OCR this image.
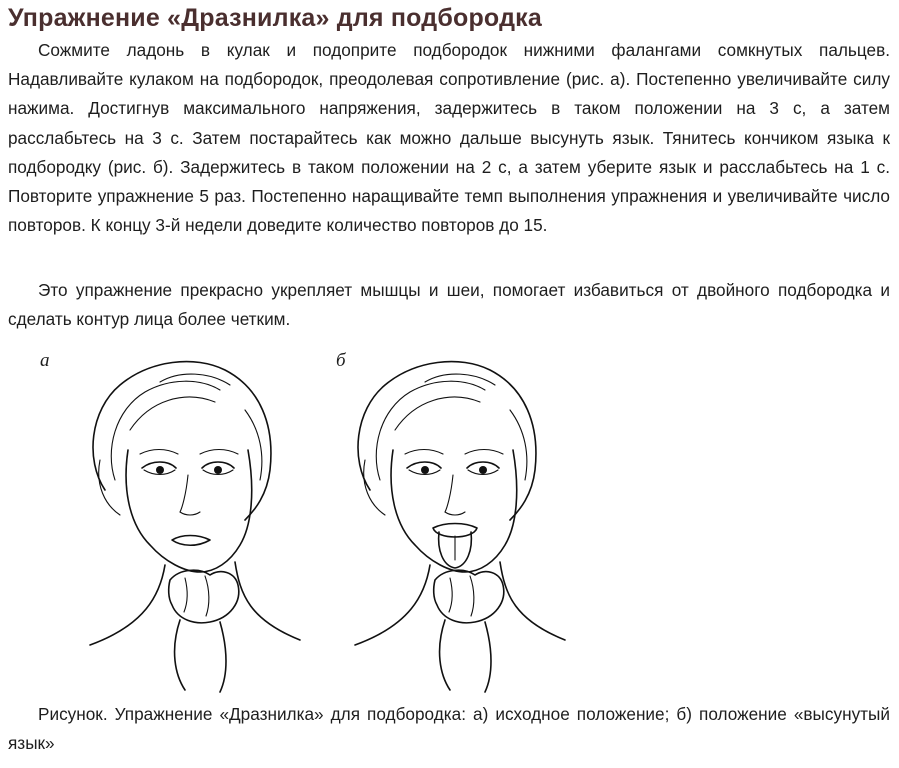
Упражнение «Дразнилка» для подбородка

Сожмите ладонь в кулак и подоприте подбородок нижними фалангами сомкнутых пальцев. Надавливайте кулаком на подбородок, преодолевая сопротивление (рис. а). Постепенно увеличивайте силу нажима. Достигнув максимального напряжения, задержитесь в таком положении на 3 с, а затем расслабьтесь на 3 с. Затем постарайтесь как можно дальше высунуть язык. Тянитесь кончиком языка к подбородку (рис. б). Задержитесь в таком положении на 2 с, а затем уберите язык и расслабьтесь на 1 с. Повторите упражнение 5 раз. Постепенно наращивайте темп выполнения упражнения и увеличивайте число повторов. К концу 3-й недели доведите количество повторов до 15.

Это упражнение прекрасно укрепляет мышцы и шеи, помогает избавиться от двойного подбородка и сделать контур лица более четким.

а	б

Рисунок. Упражнение «Дразнилка» для подбородка: а) исходное положение; б) положение «высунутый язык»
